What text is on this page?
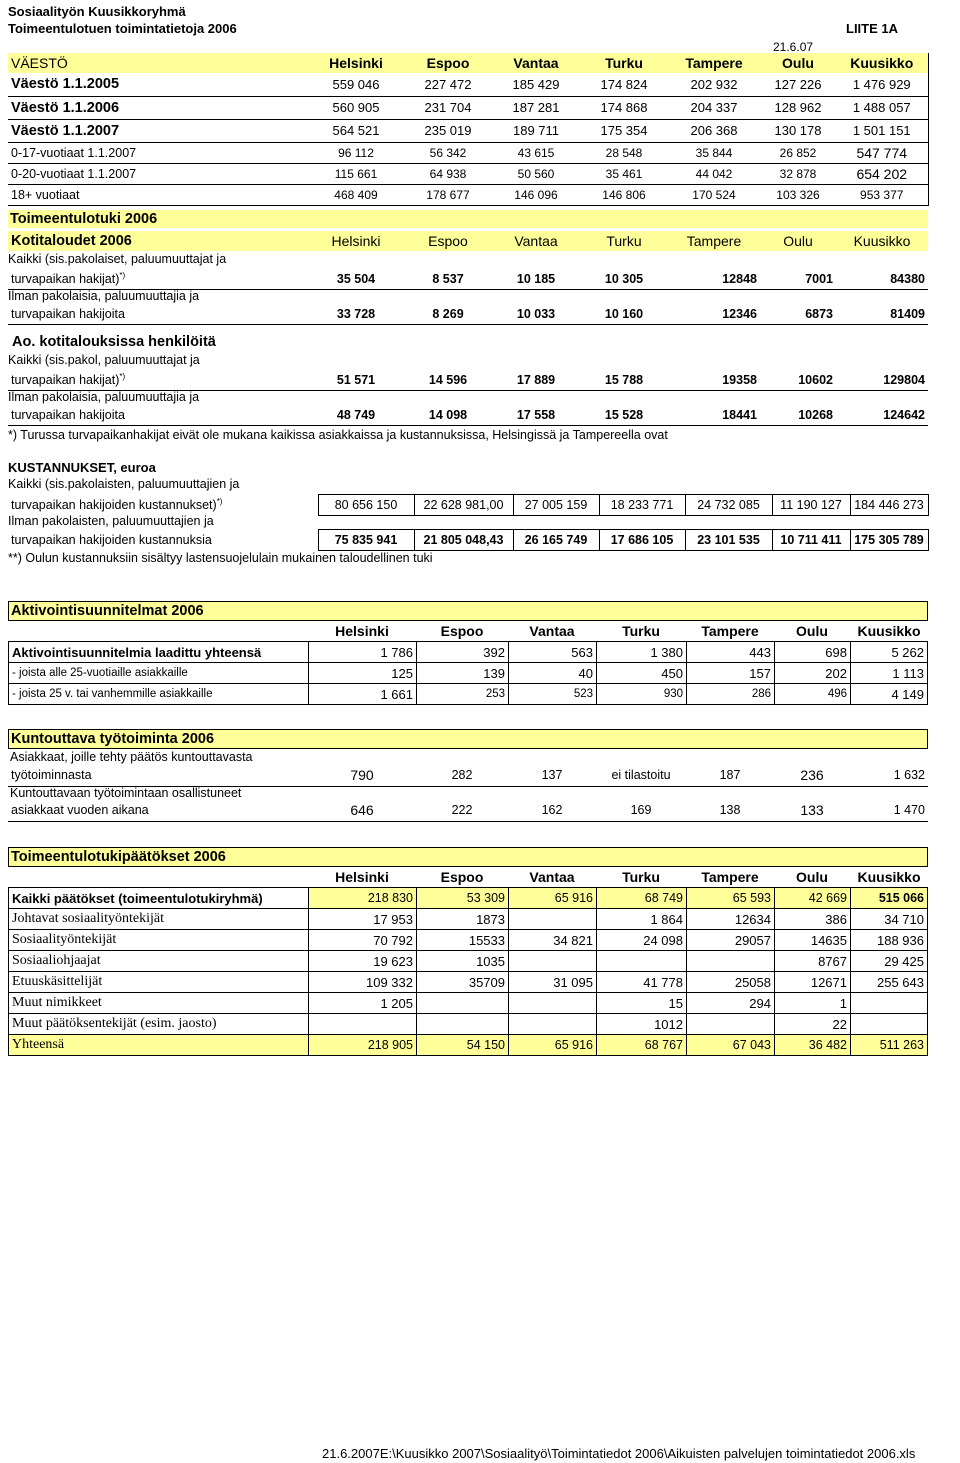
Sosiaalityön Kuusikkoryhmä
Toimeentulotuen toimintatietoja 2006	LIITE 1A
21.6.07
VÄESTÖ	Helsinki	Espoo	Vantaa	Turku	Tampere	Oulu	Kuusikko
Väestö 1.1.2005	559 046	227 472	185 429	174 824	202 932	127 226	1 476 929
Väestö 1.1.2006	560 905	231 704	187 281	174 868	204 337	128 962	1 488 057
Väestö 1.1.2007	564 521	235 019	189 711	175 354	206 368	130 178	1 501 151
0-17-vuotiaat 1.1.2007	96 112	56 342	43 615	28 548	35 844	26 852	547 774
0-20-vuotiaat 1.1.2007	115 661	64 938	50 560	35 461	44 042	32 878	654 202
18+ vuotiaat	468 409	178 677	146 096	146 806	170 524	103 326	953 377
Toimeentulotuki 2006
Kotitaloudet 2006	Helsinki	Espoo	Vantaa	Turku	Tampere	Oulu	Kuusikko
Kaikki (sis.pakolaiset, paluumuuttajat ja
turvapaikan hakijat)*)	35 504	8 537	10 185	10 305	12848	7001	84380
Ilman pakolaisia, paluumuuttajia ja
turvapaikan hakijoita	33 728	8 269	10 033	10 160	12346	6873	81409
Ao. kotitalouksissa henkilöitä
Kaikki (sis.pakol, paluumuuttajat ja
turvapaikan hakijat)*)	51 571	14 596	17 889	15 788	19358	10602	129804
Ilman pakolaisia, paluumuuttajia ja
turvapaikan hakijoita	48 749	14 098	17 558	15 528	18441	10268	124642
*) Turussa turvapaikanhakijat eivät ole mukana kaikissa asiakkaissa ja kustannuksissa, Helsingissä ja Tampereella ovat
KUSTANNUKSET, euroa
Kaikki (sis.pakolaisten, paluumuuttajien ja
turvapaikan hakijoiden kustannukset)*)	80 656 150	22 628 981,00	27 005 159	18 233 771	24 732 085	11 190 127	184 446 273
Ilman pakolaisten, paluumuuttajien ja
turvapaikan hakijoiden kustannuksia	75 835 941	21 805 048,43	26 165 749	17 686 105	23 101 535	10 711 411	175 305 789
**) Oulun kustannuksiin sisältyy lastensuojelulain mukainen taloudellinen tuki
Aktivointisuunnitelmat 2006
	Helsinki	Espoo	Vantaa	Turku	Tampere	Oulu	Kuusikko
Aktivointisuunnitelmia laadittu yhteensä	1 786	392	563	1 380	443	698	5 262
- joista alle 25-vuotiaille asiakkaille	125	139	40	450	157	202	1 113
- joista 25 v. tai vanhemmille asiakkaille	1 661	253	523	930	286	496	4 149
Kuntouttava työtoiminta 2006
Asiakkaat, joille tehty päätös kuntouttavasta
työtoiminnasta	790	282	137	ei tilastoitu	187	236	1 632
Kuntouttavaan työtoimintaan osallistuneet
asiakkaat vuoden aikana	646	222	162	169	138	133	1 470
Toimeentulotukipäätökset 2006
	Helsinki	Espoo	Vantaa	Turku	Tampere	Oulu	Kuusikko
Kaikki päätökset (toimeentulotukiryhmä)	218 830	53 309	65 916	68 749	65 593	42 669	515 066
Johtavat sosiaalityöntekijät	17 953	1873		1 864	12634	386	34 710
Sosiaalityöntekijät	70 792	15533	34 821	24 098	29057	14635	188 936
Sosiaaliohjaajat	19 623	1035				8767	29 425
Etuuskäsittelijät	109 332	35709	31 095	41 778	25058	12671	255 643
Muut nimikkeet	1 205			15	294	1	
Muut päätöksentekijät (esim. jaosto)				1012		22	
Yhteensä	218 905	54 150	65 916	68 767	67 043	36 482	511 263
21.6.2007E:\Kuusikko 2007\Sosiaalityö\Toimintatiedot 2006\Aikuisten palvelujen toimintatiedot 2006.xls
